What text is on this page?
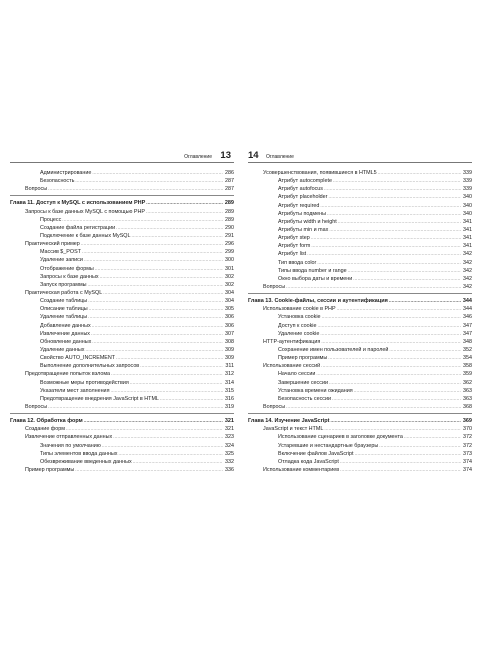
Оглавление 13
Администрирование .....	286
Безопасность .....	287
Вопросы .....	287
Глава 11. Доступ к MySQL с использованием PHP .....	289
Запросы к базе данных MySQL с помощью PHP .....	289
Процесс .....	289
Создание файла регистрации .....	290
Подключение к базе данных MySQL .....	291
Практический пример .....	296
Массив $_POST .....	299
Удаление записи .....	300
Отображение формы .....	301
Запросы к базе данных .....	302
Запуск программы .....	302
Практическая работа с MySQL .....	304
Создание таблицы .....	304
Описание таблицы .....	305
Удаление таблицы .....	306
Добавление данных .....	306
Извлечение данных .....	307
Обновление данных .....	308
Удаление данных .....	309
Свойство AUTO_INCREMENT .....	309
Выполнение дополнительных запросов .....	311
Предотвращение попыток взлома .....	312
Возможные меры противодействия .....	314
Указатели мест заполнения .....	315
Предотвращение внедрения JavaScript в HTML .....	316
Вопросы .....	319
Глава 12. Обработка форм .....	321
Создание форм .....	321
Извлечение отправленных данных .....	323
Значения по умолчанию .....	324
Типы элементов ввода данных .....	325
Обезвреживание введенных данных .....	332
Пример программы .....	336
14 Оглавление
Усовершенствования, появившиеся в HTML5 .....	339
Атрибут autocomplete .....	339
Атрибут autofocus .....	339
Атрибут placeholder .....	340
Атрибут required .....	340
Атрибуты подмены .....	340
Атрибуты width и height .....	341
Атрибуты min и max .....	341
Атрибут step .....	341
Атрибут form .....	341
Атрибут list .....	342
Тип ввода color .....	342
Типы ввода number и range .....	342
Окно выбора даты и времени .....	342
Вопросы .....	342
Глава 13. Cookie-файлы, сессии и аутентификация .....	344
Использование cookie в PHP .....	344
Установка cookie .....	346
Доступ к cookie .....	347
Удаление cookie .....	347
HTTP-аутентификация .....	348
Сохранение имен пользователей и паролей .....	352
Пример программы .....	354
Использование сессий .....	358
Начало сессии .....	359
Завершение сессии .....	362
Установка времени ожидания .....	363
Безопасность сессии .....	363
Вопросы .....	368
Глава 14. Изучение JavaScript .....	369
JavaScript и текст HTML .....	370
Использование сценариев в заголовке документа .....	372
Устаревшие и нестандартные браузеры .....	372
Включение файлов JavaScript .....	373
Отладка кода JavaScript .....	374
Использование комментариев .....	374
